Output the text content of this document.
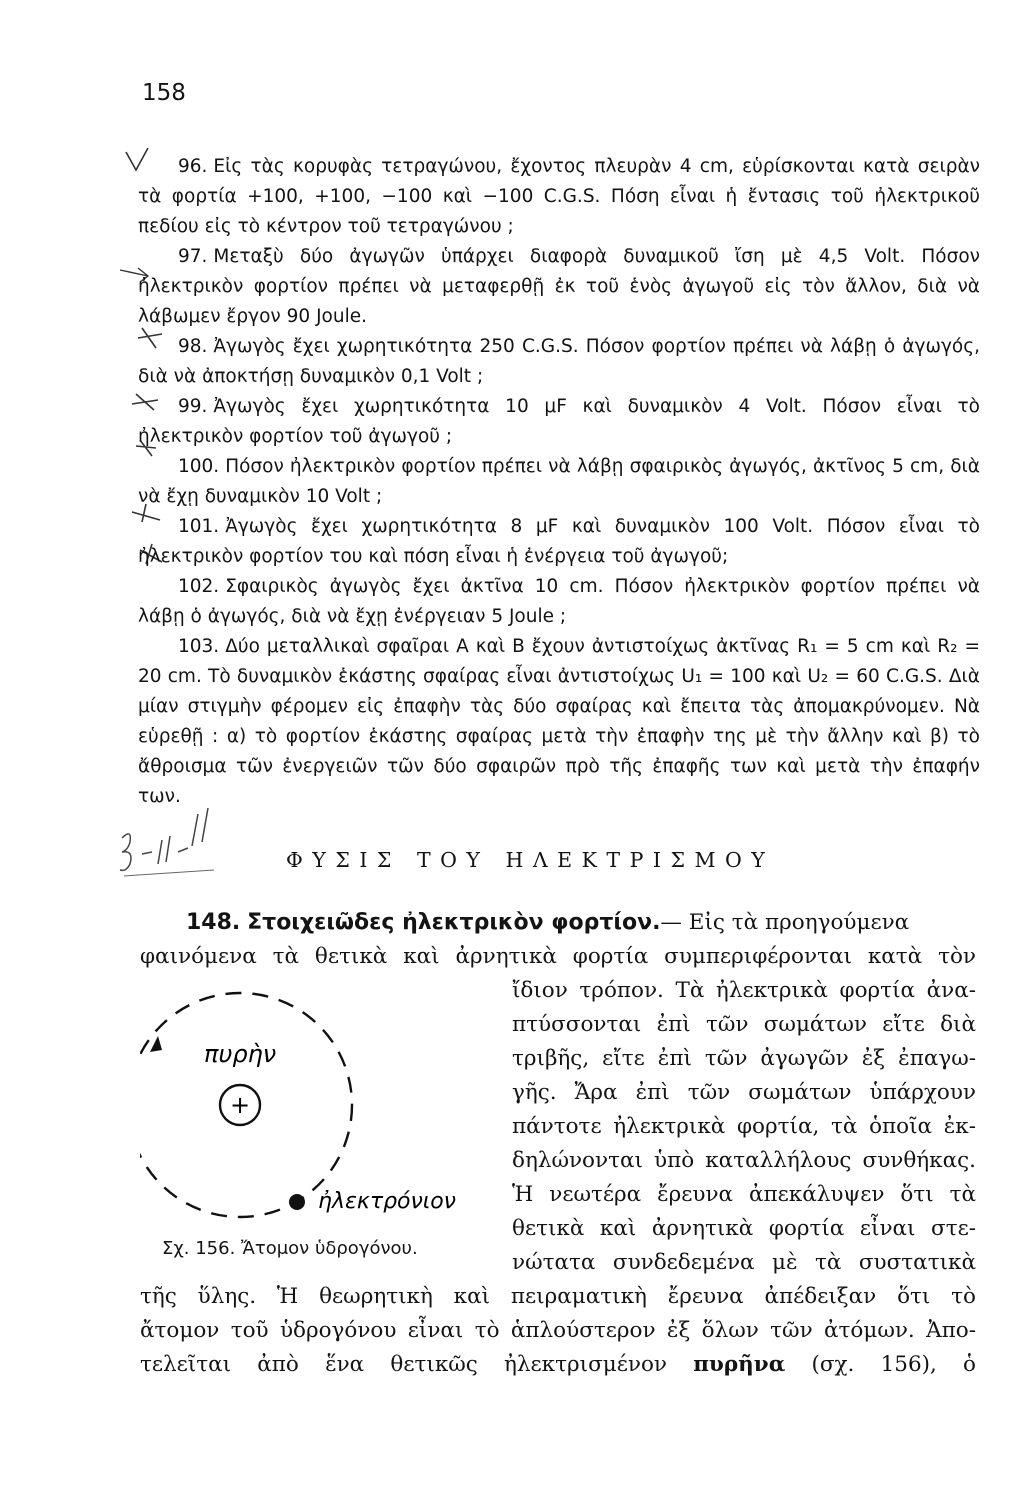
158

96. Εἰς τὰς κορυφὰς τετραγώνου, ἔχοντος πλευρὰν 4 cm, εὑρίσκονται κατὰ σειρὰν τὰ φορτία +100, +100, −100 καὶ −100 C.G.S. Πόση εἶναι ἡ ἔντασις τοῦ ἠλεκτρικοῦ πεδίου εἰς τὸ κέντρον τοῦ τετραγώνου ;

97. Μεταξὺ δύο ἀγωγῶν ὑπάρχει διαφορὰ δυναμικοῦ ἴση μὲ 4,5 Volt. Πόσον ἠλεκτρικὸν φορτίον πρέπει νὰ μεταφερθῇ ἐκ τοῦ ἑνὸς ἀγωγοῦ εἰς τὸν ἄλλον, διὰ νὰ λάβωμεν ἔργον 90 Joule.

98. Ἀγωγὸς ἔχει χωρητικότητα 250 C.G.S. Πόσον φορτίον πρέπει νὰ λάβῃ ὁ ἀγωγός, διὰ νὰ ἀποκτήσῃ δυναμικὸν 0,1 Volt ;

99. Ἀγωγὸς ἔχει χωρητικότητα 10 μF καὶ δυναμικὸν 4 Volt. Πόσον εἶναι τὸ ἠλεκτρικὸν φορτίον τοῦ ἀγωγοῦ ;

100. Πόσον ἠλεκτρικὸν φορτίον πρέπει νὰ λάβῃ σφαιρικὸς ἀγωγός, ἀκτῖνος 5 cm, διὰ νὰ ἔχῃ δυναμικὸν 10 Volt ;

101. Ἀγωγὸς ἔχει χωρητικότητα 8 μF καὶ δυναμικὸν 100 Volt. Πόσον εἶναι τὸ ἠλεκτρικὸν φορτίον του καὶ πόση εἶναι ἡ ἐνέργεια τοῦ ἀγωγοῦ;

102. Σφαιρικὸς ἀγωγὸς ἔχει ἀκτῖνα 10 cm. Πόσον ἠλεκτρικὸν φορτίον πρέπει νὰ λάβῃ ὁ ἀγωγός, διὰ νὰ ἔχῃ ἐνέργειαν 5 Joule ;

103. Δύο μεταλλικαὶ σφαῖραι Α καὶ Β ἔχουν ἀντιστοίχως ἀκτῖνας R₁ = 5 cm καὶ R₂ = 20 cm. Τὸ δυναμικὸν ἑκάστης σφαίρας εἶναι ἀντιστοίχως U₁ = 100 καὶ U₂ = 60 C.G.S. Διὰ μίαν στιγμὴν φέρομεν εἰς ἐπαφὴν τὰς δύο σφαίρας καὶ ἔπειτα τὰς ἀπομακρύνομεν. Νὰ εὑρεθῇ : α) τὸ φορτίον ἑκάστης σφαίρας μετὰ τὴν ἐπαφὴν της μὲ τὴν ἄλλην καὶ β) τὸ ἄθροισμα τῶν ἐνεργειῶν τῶν δύο σφαιρῶν πρὸ τῆς ἐπαφῆς των καὶ μετὰ τὴν ἐπαφήν των.

ΦΥΣΙΣ ΤΟΥ ΗΛΕΚΤΡΙΣΜΟΥ
148. Στοιχειῶδες ἠλεκτρικὸν φορτίον.— Εἰς τὰ προηγούμενα
φαινόμενα τὰ θετικὰ καὶ ἀρνητικὰ φορτία συμπεριφέρονται κατὰ τὸν
ἴδιον τρόπον. Τὰ ἠλεκτρικὰ φορτία ἀνα-
πτύσσονται ἐπὶ τῶν σωμάτων εἴτε διὰ
τριβῆς, εἴτε ἐπὶ τῶν ἀγωγῶν ἐξ ἐπαγω-
γῆς. Ἄρα ἐπὶ τῶν σωμάτων ὑπάρχουν
πάντοτε ἠλεκτρικὰ φορτία, τὰ ὁποῖα ἐκ-
δηλώνονται ὑπὸ καταλλήλους συνθήκας.
Ἡ νεωτέρα ἔρευνα ἀπεκάλυψεν ὅτι τὰ
θετικὰ καὶ ἀρνητικὰ φορτία εἶναι στε-
νώτατα συνδεδεμένα μὲ τὰ συστατικὰ
τῆς ὕλης. Ἡ θεωρητικὴ καὶ πειραματικὴ ἔρευνα ἀπέδειξαν ὅτι τὸ
ἄτομον τοῦ ὑδρογόνου εἶναι τὸ ἁπλούστερον ἐξ ὅλων τῶν ἀτόμων. Ἀπο-
τελεῖται ἀπὸ ἕνα θετικῶς ἠλεκτρισμένον πυρῆνα (σχ. 156), ὁ
+
πυρὴν
ἠλεκτρόνιον
Σχ. 156. Ἄτομον ὑδρογόνου.
